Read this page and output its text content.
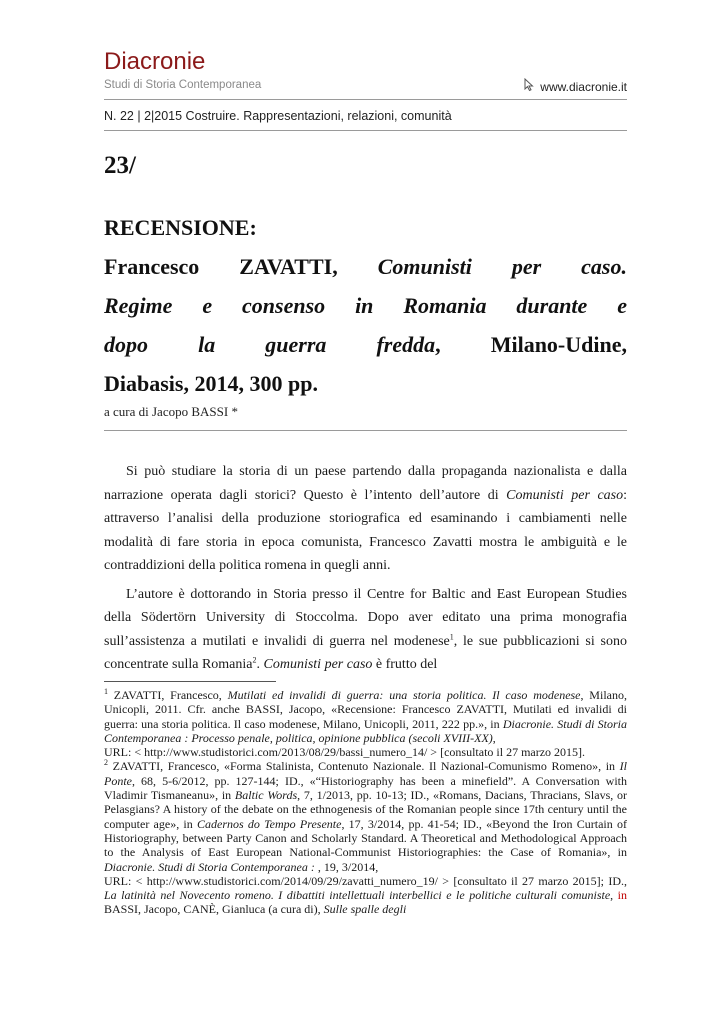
Diacronie
Studi di Storia Contemporanea	www.diacronie.it
N. 22 | 2|2015 Costruire. Rappresentazioni, relazioni, comunità
23/
RECENSIONE:
Francesco ZAVATTI, Comunisti per caso.
Regime e consenso in Romania durante e
dopo la guerra fredda, Milano-Udine,
Diabasis, 2014, 300 pp.
a cura di Jacopo BASSI *

Si può studiare la storia di un paese partendo dalla propaganda nazionalista e dalla narrazione operata dagli storici? Questo è l’intento dell’autore di Comunisti per caso: attraverso l’analisi della produzione storiografica ed esaminando i cambiamenti nelle modalità di fare storia in epoca comunista, Francesco Zavatti mostra le ambiguità e le contraddizioni della politica romena in quegli anni.

L’autore è dottorando in Storia presso il Centre for Baltic and East European Studies della Södertörn University di Stoccolma. Dopo aver editato una prima monografia sull’assistenza a mutilati e invalidi di guerra nel modenese$^1$, le sue pubblicazioni si sono concentrate sulla Romania$^2$. Comunisti per caso è frutto del

$^1$ ZAVATTI, Francesco, Mutilati ed invalidi di guerra: una storia politica. Il caso modenese, Milano, Unicopli, 2011. Cfr. anche BASSI, Jacopo, «Recensione: Francesco ZAVATTI, Mutilati ed invalidi di guerra: una storia politica. Il caso modenese, Milano, Unicopli, 2011, 222 pp.», in Diacronie. Studi di Storia Contemporanea : Processo penale, politica, opinione pubblica (secoli XVIII-XX),

URL: < http://www.studistorici.com/2013/08/29/bassi_numero_14/ > [consultato il 27 marzo 2015].

$^2$ ZAVATTI, Francesco, «Forma Stalinista, Contenuto Nazionale. Il Nazional-Comunismo Romeno», in Il Ponte, 68, 5-6/2012, pp. 127-144; ID., «“Historiography has been a minefield”. A Conversation with Vladimir Tismaneanu», in Baltic Words, 7, 1/2013, pp. 10-13; ID., «Romans, Dacians, Thracians, Slavs, or Pelasgians? A history of the debate on the ethnogenesis of the Romanian people since 17th century until the computer age», in Cadernos do Tempo Presente, 17, 3/2014, pp. 41-54; ID., «Beyond the Iron Curtain of Historiography, between Party Canon and Scholarly Standard. A Theoretical and Methodological Approach to the Analysis of East European National-Communist Historiographies: the Case of Romania», in Diacronie. Studi di Storia Contemporanea : , 19, 3/2014,

URL: < http://www.studistorici.com/2014/09/29/zavatti_numero_19/ > [consultato il 27 marzo 2015]; ID., La latinità nel Novecento romeno. I dibattiti intellettuali interbellici e le politiche culturali comuniste, in BASSI, Jacopo, CANÈ, Gianluca (a cura di), Sulle spalle degli
